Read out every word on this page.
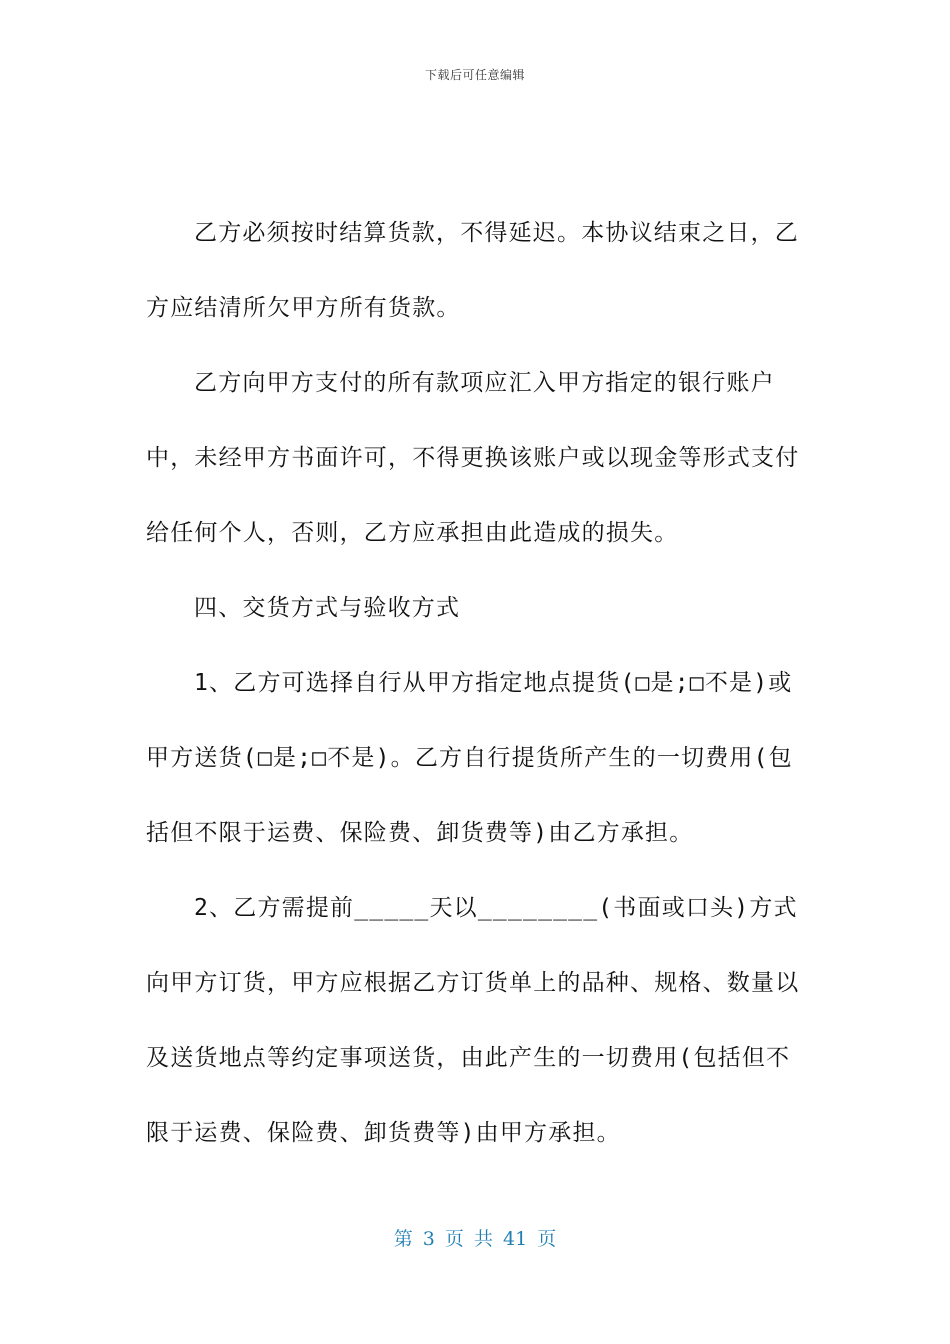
下载后可任意编辑

乙方必须按时结算货款，不得延迟。本协议结束之日，乙方应结清所欠甲方所有货款。

乙方向甲方支付的所有款项应汇入甲方指定的银行账户中，未经甲方书面许可，不得更换该账户或以现金等形式支付给任何个人，否则，乙方应承担由此造成的损失。

四、交货方式与验收方式

1、乙方可选择自行从甲方指定地点提货(□是;□不是)或甲方送货(□是;□不是)。乙方自行提货所产生的一切费用(包括但不限于运费、保险费、卸货费等)由乙方承担。

2、乙方需提前_____天以________(书面或口头)方式向甲方订货，甲方应根据乙方订货单上的品种、规格、数量以及送货地点等约定事项送货，由此产生的一切费用(包括但不限于运费、保险费、卸货费等)由甲方承担。

第 3 页 共 41 页
